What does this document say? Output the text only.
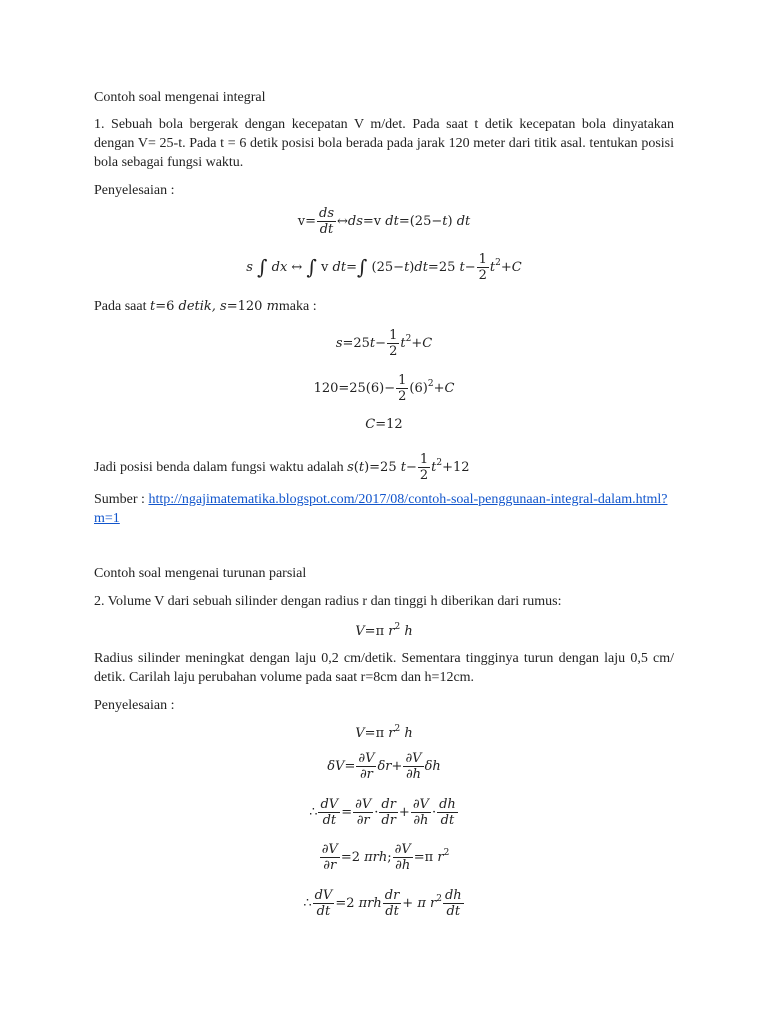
Contoh soal mengenai integral

1. Sebuah bola bergerak dengan kecepatan V m/det. Pada saat t detik kecepatan bola dinyatakan dengan V= 25-t. Pada t = 6 detik posisi bola berada pada jarak 120 meter dari titik asal. tentukan posisi bola sebagai fungsi waktu.

Penyelesaian :

$v= \frac{ds}{dt}$ ↔ds=v dt=(25−t) dt
s ∫ dx ↔ ∫ v dt=∫ (25−t)dt=25 $t- \frac{1}{2} t^2+C$

Pada saat t=6 detik, s=120 mmaka :

$s=25t- \frac{1}{2} t^2+C$
$120=25(6)- \frac{1}{2} (6)^2+C$
C=12

Jadi posisi benda dalam fungsi waktu adalah s(t)=25 $t- \frac{1}{2} t^2+12$

Sumber : http://ngajimatematika.blogspot.com/2017/08/contoh-soal-penggunaan-integral-dalam.html?m=1

Contoh soal mengenai turunan parsial

2. Volume V dari sebuah silinder dengan radius r dan tinggi h diberikan dari rumus:

V=π $r^2$ h

Radius silinder meningkat dengan laju 0,2 cm/detik. Sementara tingginya turun dengan laju 0,5 cm/ detik. Carilah laju perubahan volume pada saat r=8cm dan h=12cm.

Penyelesaian :

V=π $r^2$ h
$\delta V= \frac{\partial V}{\partial r} \delta r+ \frac{\partial V}{\partial h}$ δh
∴ $\frac{dV}{dt} = \frac{\partial V}{\partial r} \cdot \frac{dr}{dr} + \frac{\partial V}{\partial h} \cdot \frac{dh}{dt}$
$\frac{\partial V}{\partial r} =2$ πrh; $\frac{\partial V}{\partial h} =\pi$ $r^2$
∴ $\frac{dV}{dt} =2$ πrh $\frac{dr}{dt} + \pi$ $r^2 \frac{dh}{dt}$
